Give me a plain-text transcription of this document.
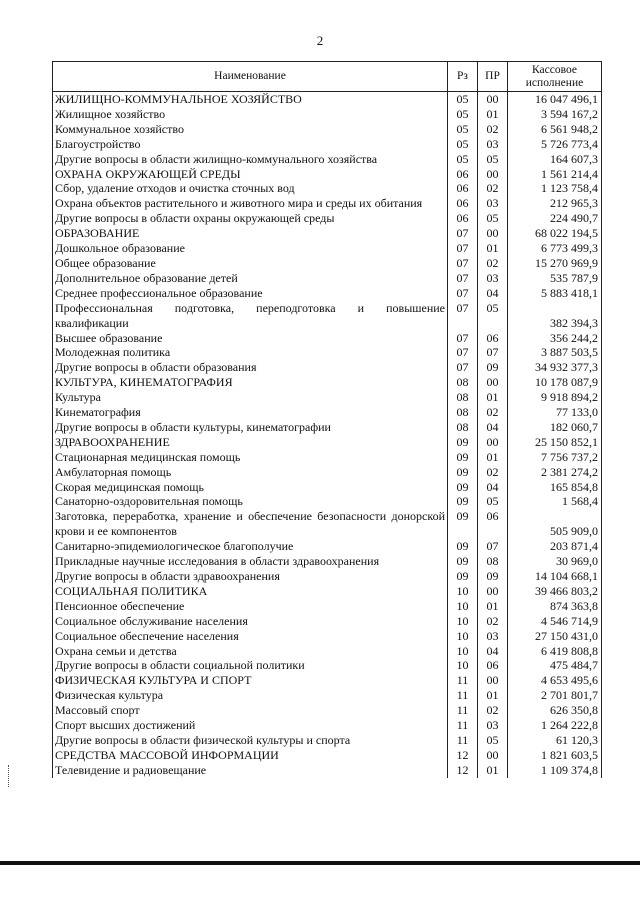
2
Наименование	Рз	ПР	Кассовое исполнение
ЖИЛИЩНО-КОММУНАЛЬНОЕ ХОЗЯЙСТВО	05	00	16 047 496,1
Жилищное хозяйство	05	01	3 594 167,2
Коммунальное хозяйство	05	02	6 561 948,2
Благоустройство	05	03	5 726 773,4
Другие вопросы в области жилищно-коммунального хозяйства	05	05	164 607,3
ОХРАНА ОКРУЖАЮЩЕЙ СРЕДЫ	06	00	1 561 214,4
Сбор, удаление отходов и очистка сточных вод	06	02	1 123 758,4
Охрана объектов растительного и животного мира и среды их обитания	06	03	212 965,3
Другие вопросы в области охраны окружающей среды	06	05	224 490,7
ОБРАЗОВАНИЕ	07	00	68 022 194,5
Дошкольное образование	07	01	6 773 499,3
Общее образование	07	02	15 270 969,9
Дополнительное образование детей	07	03	535 787,9
Среднее профессиональное образование	07	04	5 883 418,1
Профессиональная подготовка, переподготовка и повышение квалификации	07	05	382 394,3
Высшее образование	07	06	356 244,2
Молодежная политика	07	07	3 887 503,5
Другие вопросы в области образования	07	09	34 932 377,3
КУЛЬТУРА, КИНЕМАТОГРАФИЯ	08	00	10 178 087,9
Культура	08	01	9 918 894,2
Кинематография	08	02	77 133,0
Другие вопросы в области культуры, кинематографии	08	04	182 060,7
ЗДРАВООХРАНЕНИЕ	09	00	25 150 852,1
Стационарная медицинская помощь	09	01	7 756 737,2
Амбулаторная помощь	09	02	2 381 274,2
Скорая медицинская помощь	09	04	165 854,8
Санаторно-оздоровительная помощь	09	05	1 568,4
Заготовка, переработка, хранение и обеспечение безопасности донорской крови и ее компонентов	09	06	505 909,0
Санитарно-эпидемиологическое благополучие	09	07	203 871,4
Прикладные научные исследования в области здравоохранения	09	08	30 969,0
Другие вопросы в области здравоохранения	09	09	14 104 668,1
СОЦИАЛЬНАЯ ПОЛИТИКА	10	00	39 466 803,2
Пенсионное обеспечение	10	01	874 363,8
Социальное обслуживание населения	10	02	4 546 714,9
Социальное обеспечение населения	10	03	27 150 431,0
Охрана семьи и детства	10	04	6 419 808,8
Другие вопросы в области социальной политики	10	06	475 484,7
ФИЗИЧЕСКАЯ КУЛЬТУРА И СПОРТ	11	00	4 653 495,6
Физическая культура	11	01	2 701 801,7
Массовый спорт	11	02	626 350,8
Спорт высших достижений	11	03	1 264 222,8
Другие вопросы в области физической культуры и спорта	11	05	61 120,3
СРЕДСТВА МАССОВОЙ ИНФОРМАЦИИ	12	00	1 821 603,5
Телевидение и радиовещание	12	01	1 109 374,8
